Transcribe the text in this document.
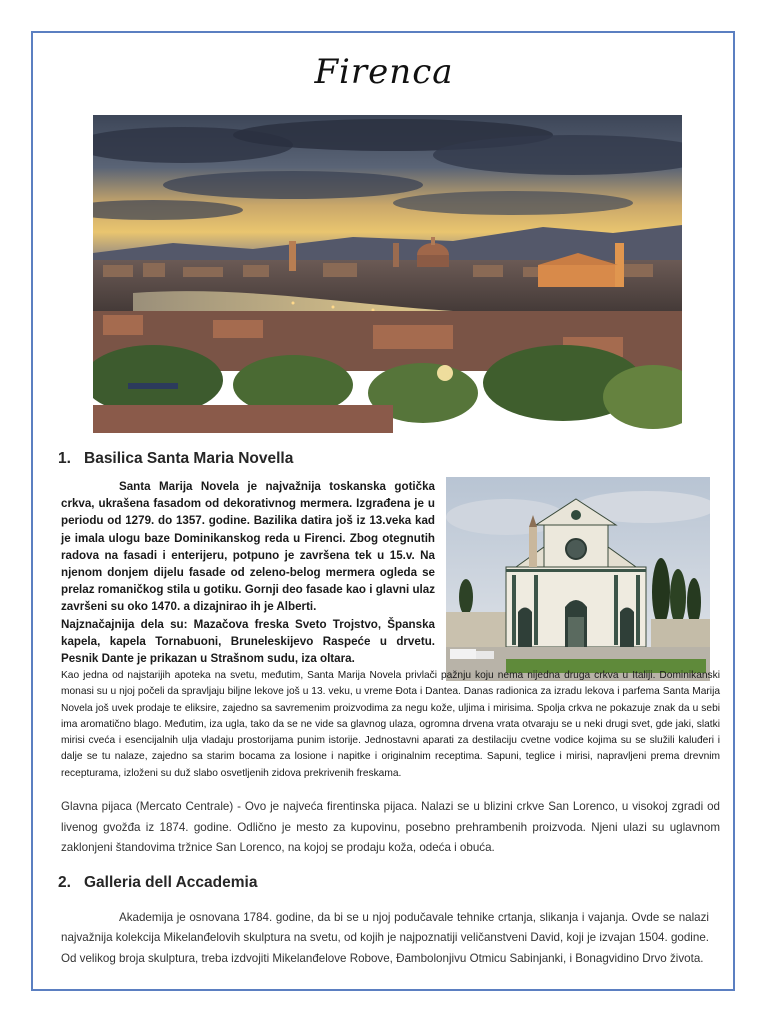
Firenca
1. Basilica Santa Maria Novella
Santa Marija Novela je najvažnija toskanska gotička crkva, ukrašena fasadom od dekorativnog mermera. Izgrađena je u periodu od 1279. do 1357. godine. Bazilika datira još iz 13.veka kad je imala ulogu baze Dominikanskog reda u Firenci. Zbog otegnutih radova na fasadi i enterijeru, potpuno je završena tek u 15.v. Na njenom donjem dijelu fasade od zeleno-belog mermera ogleda se prelaz romaničkog stila u gotiku. Gornji deo fasade kao i glavni ulaz završeni su oko 1470. a dizajnirao ih je Alberti.
Najznačajnija dela su: Mazačova freska Sveto Trojstvo, Španska kapela, kapela Tornabuoni, Bruneleskijevo Raspeće u drvetu. Pesnik Dante je prikazan u Strašnom sudu, iza oltara.
Kao jedna od najstarijih apoteka na svetu, međutim, Santa Marija Novela privlači pažnju koju nema nijedna druga crkva u Italiji. Dominikanski monasi su u njoj počeli da spravljaju biljne lekove još u 13. veku, u vreme Đota i Dantea. Danas radionica za izradu lekova i parfema Santa Marija Novela još uvek prodaje te eliksire, zajedno sa savremenim proizvodima za negu kože, uljima i mirisima. Spolja crkva ne pokazuje znak da u sebi ima aromatično blago. Međutim, iza ugla, tako da se ne vide sa glavnog ulaza, ogromna drvena vrata otvaraju se u neki drugi svet, gde jaki, slatki mirisi cveća i esencijalnih ulja vladaju prostorijama punim istorije. Jednostavni aparati za destilaciju cvetne vodice kojima su se služili kaluđeri i dalje se tu nalaze, zajedno sa starim bocama za losione i napitke i originalnim receptima. Sapuni, teglice i mirisi, napravljeni prema drevnim recepturama, izloženi su duž slabo osvetljenih zidova prekrivenih freskama.
Glavna pijaca (Mercato Centrale) - Ovo je najveća firentinska pijaca. Nalazi se u blizini crkve San Lorenco, u visokoj zgradi od livenog gvožđa iz 1874. godine. Odlično je mesto za kupovinu, posebno prehrambenih proizvoda. Njeni ulazi su uglavnom zaklonjeni štandovima tržnice San Lorenco, na kojoj se prodaju koža, odeća i obuća.
2. Galleria dell Accademia
Akademija je osnovana 1784. godine, da bi se u njoj podučavale tehnike crtanja, slikanja i vajanja. Ovde se nalazi najvažnija kolekcija Mikelanđelovih skulptura na svetu, od kojih je najpoznatiji veličanstveni David, koji je izvajan 1504. godine. Od velikog broja skulptura, treba izdvojiti Mikelanđelove Robove, Đambolonjivu Otmicu Sabinjanki, i Bonagvidino Drvo života.
